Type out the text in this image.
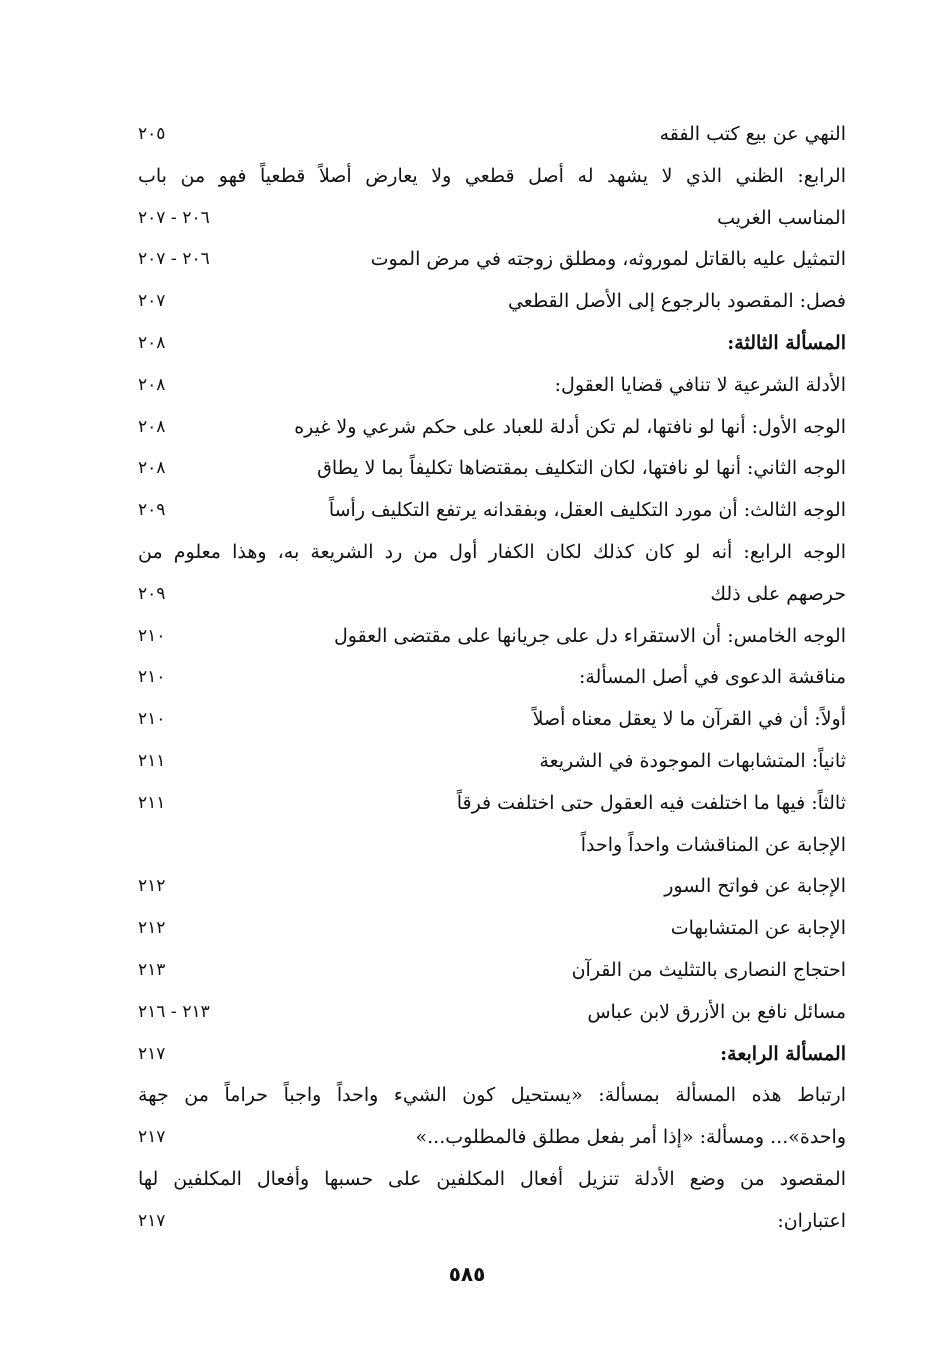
النهي عن بيع كتب الفقه
٢٠٥
الرابع: الظني الذي لا يشهد له أصل قطعي ولا يعارض أصلاً قطعياً فهو من باب
المناسب الغريب
٢٠٦ - ٢٠٧
التمثيل عليه بالقاتل لموروثه، ومطلق زوجته في مرض الموت
٢٠٦ - ٢٠٧
فصل: المقصود بالرجوع إلى الأصل القطعي
٢٠٧
المسألة الثالثة:
٢٠٨
الأدلة الشرعية لا تنافي قضايا العقول:
٢٠٨
الوجه الأول: أنها لو نافتها، لم تكن أدلة للعباد على حكم شرعي ولا غيره
٢٠٨
الوجه الثاني: أنها لو نافتها، لكان التكليف بمقتضاها تكليفاً بما لا يطاق
٢٠٨
الوجه الثالث: أن مورد التكليف العقل، وبفقدانه يرتفع التكليف رأساً
٢٠٩
الوجه الرابع: أنه لو كان كذلك لكان الكفار أول من رد الشريعة به، وهذا معلوم من
حرصهم على ذلك
٢٠٩
الوجه الخامس: أن الاستقراء دل على جريانها على مقتضى العقول
٢١٠
مناقشة الدعوى في أصل المسألة:
٢١٠
أولاً: أن في القرآن ما لا يعقل معناه أصلاً
٢١٠
ثانياً: المتشابهات الموجودة في الشريعة
٢١١
ثالثاً: فيها ما اختلفت فيه العقول حتى اختلفت فرقاً
٢١١
الإجابة عن المناقشات واحداً واحداً
الإجابة عن فواتح السور
٢١٢
الإجابة عن المتشابهات
٢١٢
احتجاج النصارى بالتثليث من القرآن
٢١٣
مسائل نافع بن الأزرق لابن عباس
٢١٣ - ٢١٦
المسألة الرابعة:
٢١٧
ارتباط هذه المسألة بمسألة: «يستحيل كون الشيء واحداً واجباً حراماً من جهة
واحدة»... ومسألة: «إذا أمر بفعل مطلق فالمطلوب...»
٢١٧
المقصود من وضع الأدلة تنزيل أفعال المكلفين على حسبها وأفعال المكلفين لها
اعتباران:
٢١٧
٥٨٥
